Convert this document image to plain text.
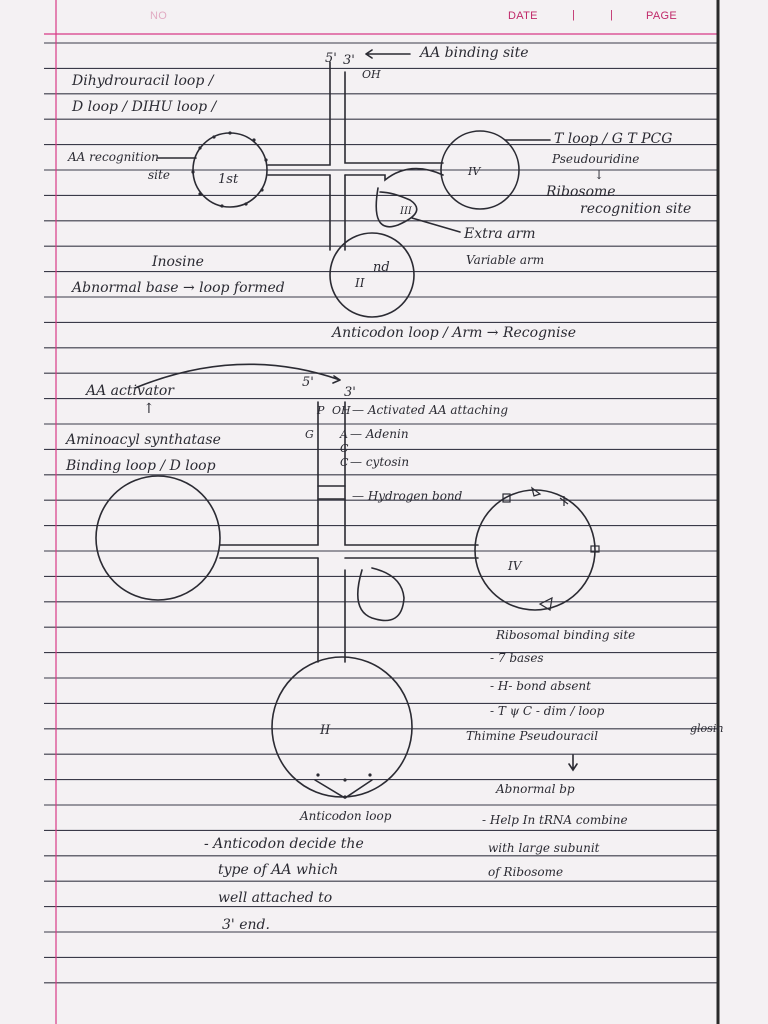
NO	DATE	|	|	PAGE
5' 3'
OH
1st
IV
III
nd
II
AA binding site
Dihydrouracil loop /
D loop / DIHU loop /
AA recognition
site
T loop / G T PCG
Pseudouridine
↓
Ribosome
recognition site
Extra arm
Variable arm
Inosine
Abnormal base → loop formed
Anticodon loop / Arm → Recognise
5'
3'
P OH
G A
C
C
IV
II
AA activator
↑
Aminoacyl synthatase
Binding loop / D loop
— Activated AA attaching
— Adenin
— cytosin
— Hydrogen bond
Ribosomal binding site
- 7 bases
- H- bond absent
- T ψ C - dim / loop
glosin
Thimine Pseudouracil
Abnormal bp
- Help In tRNA combine
with large subunit
of Ribosome
Anticodon loop
- Anticodon decide the
type of AA which
well attached to
3' end.
